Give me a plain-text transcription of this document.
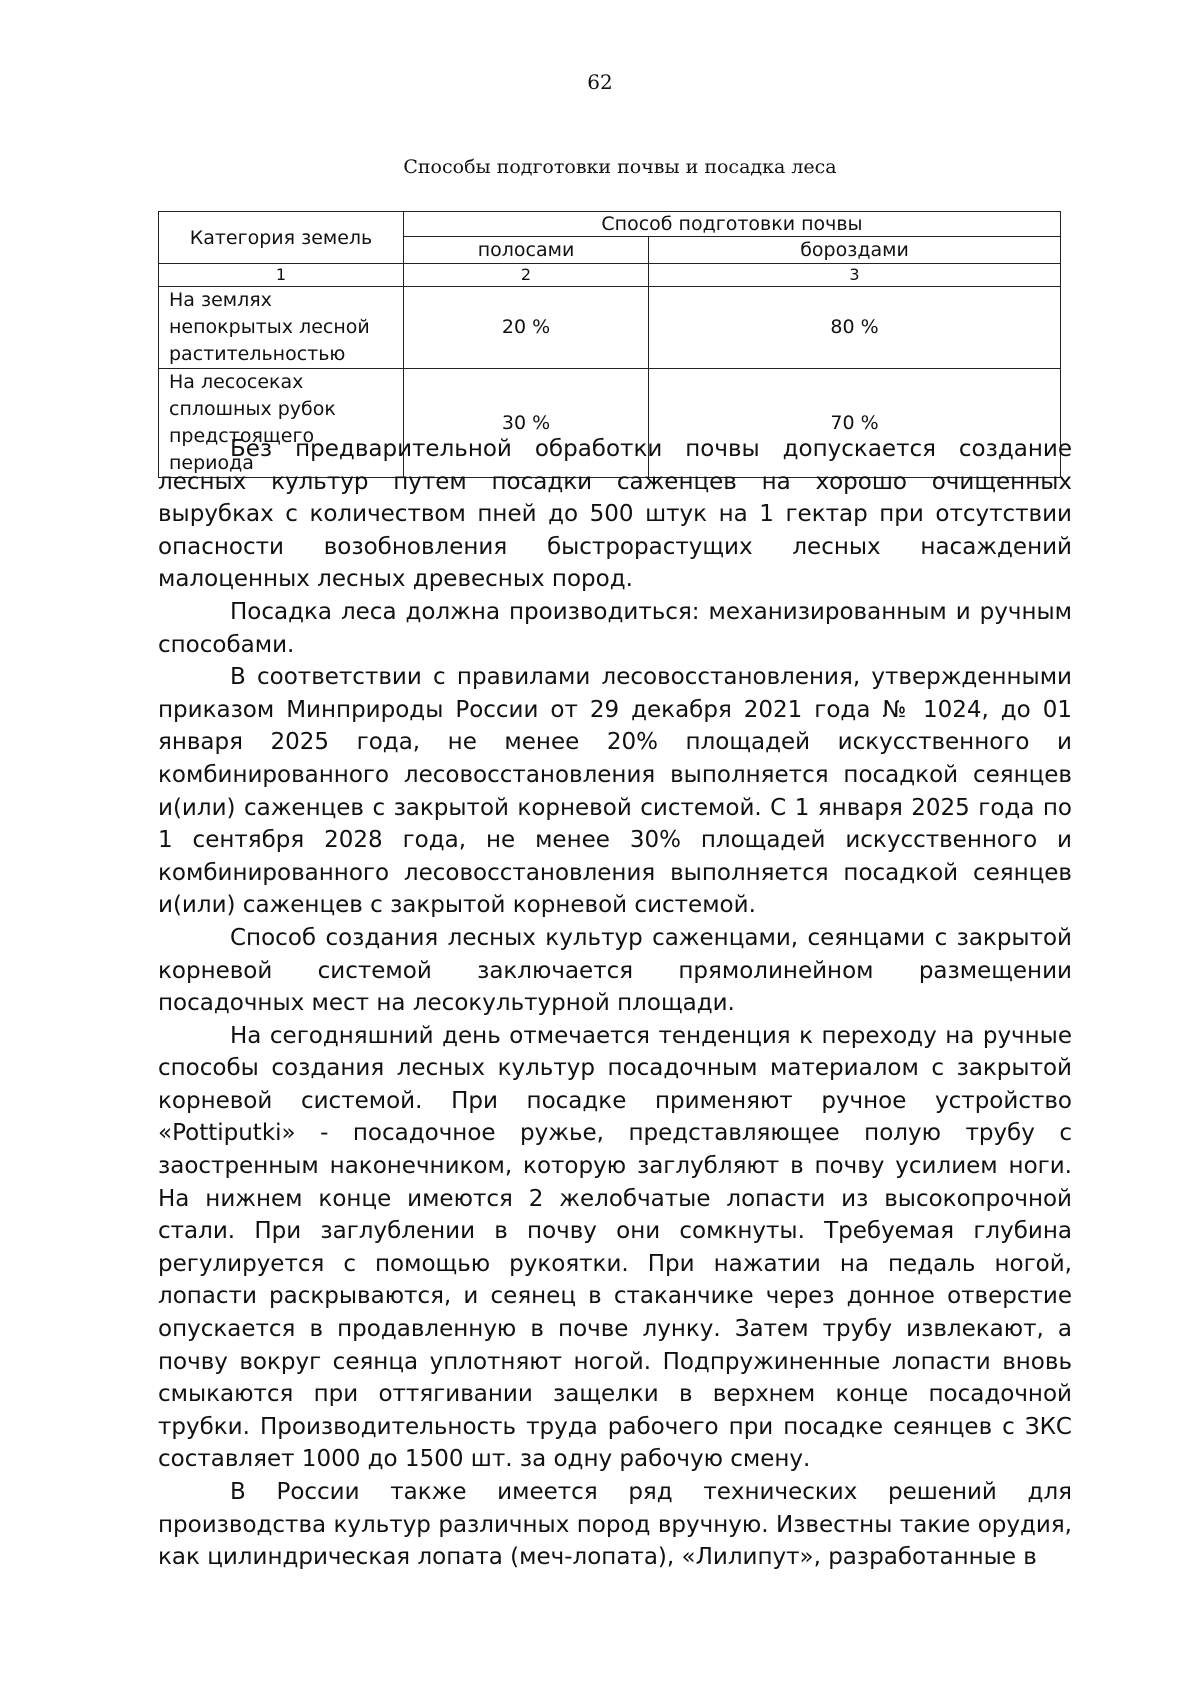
62
Способы подготовки почвы и посадка леса
Категория земель	Способ подготовки почвы	
	полосами	бороздами
1	2	3
На землях непокрытых лесной растительностью	20 %	80 %
На лесосеках сплошных рубок предстоящего периода	30 %	70 %

Без предварительной обработки почвы допускается создание лесных культур путем посадки саженцев на хорошо очищенных вырубках с количеством пней до 500 штук на 1 гектар при отсутствии опасности возобновления быстрорастущих лесных насаждений малоценных лесных древесных пород.

Посадка леса должна производиться: механизированным и ручным способами.

В соответствии с правилами лесовосстановления, утвержденными приказом Минприроды России от 29 декабря 2021 года № 1024, до 01 января 2025 года, не менее 20% площадей искусственного и комбинированного лесовосстановления выполняется посадкой сеянцев и(или) саженцев с закрытой корневой системой. С 1 января 2025 года по 1 сентября 2028 года, не менее 30% площадей искусственного и комбинированного лесовосстановления выполняется посадкой сеянцев и(или) саженцев с закрытой корневой системой.

Способ создания лесных культур саженцами, сеянцами с закрытой корневой системой заключается прямолинейном размещении посадочных мест на лесокультурной площади.

На сегодняшний день отмечается тенденция к переходу на ручные способы создания лесных культур посадочным материалом с закрытой корневой системой. При посадке применяют ручное устройство «Pottiputki» - посадочное ружье, представляющее полую трубу с заостренным наконечником, которую заглубляют в почву усилием ноги. На нижнем конце имеются 2 желобчатые лопасти из высокопрочной стали. При заглублении в почву они сомкнуты. Требуемая глубина регулируется с помощью рукоятки. При нажатии на педаль ногой, лопасти раскрываются, и сеянец в стаканчике через донное отверстие опускается в продавленную в почве лунку. Затем трубу извлекают, а почву вокруг сеянца уплотняют ногой. Подпружиненные лопасти вновь смыкаются при оттягивании защелки в верхнем конце посадочной трубки. Производительность труда рабочего при посадке сеянцев с ЗКС составляет 1000 до 1500 шт. за одну рабочую смену.

В России также имеется ряд технических решений для производства культур различных пород вручную. Известны такие орудия, как цилиндрическая лопата (меч-лопата), «Лилипут», разработанные в
